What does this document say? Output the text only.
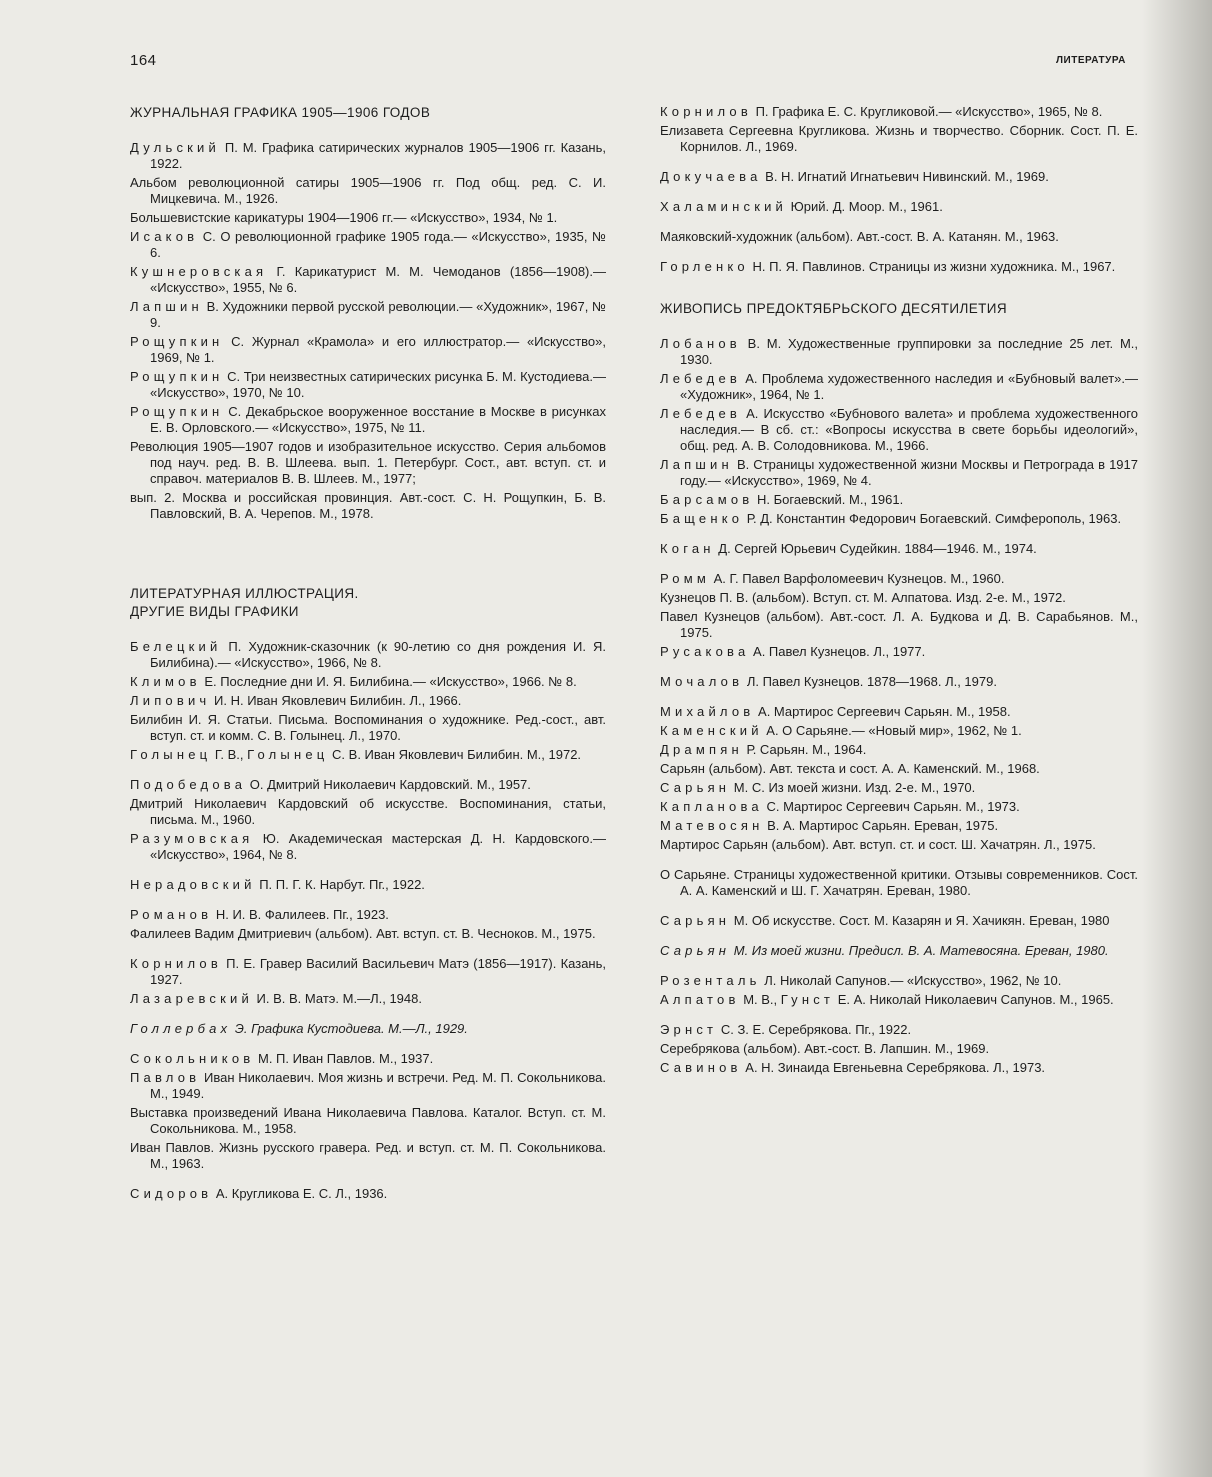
164	ЛИТЕРАТУРА
ЖУРНАЛЬНАЯ ГРАФИКА 1905—1906 ГОДОВ
Дульский П. М. Графика сатирических журналов 1905—1906 гг. Казань, 1922.
Альбом революционной сатиры 1905—1906 гг. Под общ. ред. С. И. Мицкевича. М., 1926.
Большевистские карикатуры 1904—1906 гг.— «Искусство», 1934, № 1.
Исаков С. О революционной графике 1905 года.— «Искусство», 1935, № 6.
Кушнеровская Г. Карикатурист М. М. Чемоданов (1856—1908).— «Искусство», 1955, № 6.
Лапшин В. Художники первой русской революции.— «Художник», 1967, № 9.
Рощупкин С. Журнал «Крамола» и его иллюстратор.— «Искусство», 1969, № 1.
Рощупкин С. Три неизвестных сатирических рисунка Б. М. Кустодиева.— «Искусство», 1970, № 10.
Рощупкин С. Декабрьское вооруженное восстание в Москве в рисунках Е. В. Орловского.— «Искусство», 1975, № 11.
Революция 1905—1907 годов и изобразительное искусство. Серия альбомов под науч. ред. В. В. Шлеева. вып. 1. Петербург. Сост., авт. вступ. ст. и справоч. материалов В. В. Шлеев. М., 1977;
вып. 2. Москва и российская провинция. Авт.-сост. С. Н. Рощупкин, Б. В. Павловский, В. А. Черепов. М., 1978.
ЛИТЕРАТУРНАЯ ИЛЛЮСТРАЦИЯ.
ДРУГИЕ ВИДЫ ГРАФИКИ
Белецкий П. Художник-сказочник (к 90-летию со дня рождения И. Я. Билибина).— «Искусство», 1966, № 8.
Климов Е. Последние дни И. Я. Билибина.— «Искусство», 1966. № 8.
Липович И. Н. Иван Яковлевич Билибин. Л., 1966.
Билибин И. Я. Статьи. Письма. Воспоминания о художнике. Ред.-сост., авт. вступ. ст. и комм. С. В. Голынец. Л., 1970.
Голынец Г. В., Голынец С. В. Иван Яковлевич Билибин. М., 1972.
Подобедова О. Дмитрий Николаевич Кардовский. М., 1957.
Дмитрий Николаевич Кардовский об искусстве. Воспоминания, статьи, письма. М., 1960.
Разумовская Ю. Академическая мастерская Д. Н. Кардовского.— «Искусство», 1964, № 8.
Нерадовский П. П. Г. К. Нарбут. Пг., 1922.
Романов Н. И. В. Фалилеев. Пг., 1923.
Фалилеев Вадим Дмитриевич (альбом). Авт. вступ. ст. В. Чесноков. М., 1975.
Корнилов П. Е. Гравер Василий Васильевич Матэ (1856—1917). Казань, 1927.
Лазаревский И. В. В. Матэ. М.—Л., 1948.
Голлербах Э. Графика Кустодиева. М.—Л., 1929.
Сокольников М. П. Иван Павлов. М., 1937.
Павлов Иван Николаевич. Моя жизнь и встречи. Ред. М. П. Сокольникова. М., 1949.
Выставка произведений Ивана Николаевича Павлова. Каталог. Вступ. ст. М. Сокольникова. М., 1958.
Иван Павлов. Жизнь русского гравера. Ред. и вступ. ст. М. П. Сокольникова. М., 1963.
Сидоров А. Кругликова Е. С. Л., 1936.
Корнилов П. Графика Е. С. Кругликовой.— «Искусство», 1965, № 8.
Елизавета Сергеевна Кругликова. Жизнь и творчество. Сборник. Сост. П. Е. Корнилов. Л., 1969.
Докучаева В. Н. Игнатий Игнатьевич Нивинский. М., 1969.
Халаминский Юрий. Д. Моор. М., 1961.
Маяковский-художник (альбом). Авт.-сост. В. А. Катанян. М., 1963.
Горленко Н. П. Я. Павлинов. Страницы из жизни художника. М., 1967.
ЖИВОПИСЬ ПРЕДОКТЯБРЬСКОГО ДЕСЯТИЛЕТИЯ
Лобанов В. М. Художественные группировки за последние 25 лет. М., 1930.
Лебедев А. Проблема художественного наследия и «Бубновый валет».— «Художник», 1964, № 1.
Лебедев А. Искусство «Бубнового валета» и проблема художественного наследия.— В сб. ст.: «Вопросы искусства в свете борьбы идеологий», общ. ред. А. В. Солодовникова. М., 1966.
Лапшин В. Страницы художественной жизни Москвы и Петрограда в 1917 году.— «Искусство», 1969, № 4.
Барсамов Н. Богаевский. М., 1961.
Бащенко Р. Д. Константин Федорович Богаевский. Симферополь, 1963.
Коган Д. Сергей Юрьевич Судейкин. 1884—1946. М., 1974.
Ромм А. Г. Павел Варфоломеевич Кузнецов. М., 1960.
Кузнецов П. В. (альбом). Вступ. ст. М. Алпатова. Изд. 2-е. М., 1972.
Павел Кузнецов (альбом). Авт.-сост. Л. А. Будкова и Д. В. Сарабьянов. М., 1975.
Русакова А. Павел Кузнецов. Л., 1977.
Мочалов Л. Павел Кузнецов. 1878—1968. Л., 1979.
Михайлов А. Мартирос Сергеевич Сарьян. М., 1958.
Каменский А. О Сарьяне.— «Новый мир», 1962, № 1.
Дрампян Р. Сарьян. М., 1964.
Сарьян (альбом). Авт. текста и сост. А. А. Каменский. М., 1968.
Сарьян М. С. Из моей жизни. Изд. 2-е. М., 1970.
Капланова С. Мартирос Сергеевич Сарьян. М., 1973.
Матевосян В. А. Мартирос Сарьян. Ереван, 1975.
Мартирос Сарьян (альбом). Авт. вступ. ст. и сост. Ш. Хачатрян. Л., 1975.
О Сарьяне. Страницы художественной критики. Отзывы современников. Сост. А. А. Каменский и Ш. Г. Хачатрян. Ереван, 1980.
Сарьян М. Об искусстве. Сост. М. Казарян и Я. Хачикян. Ереван, 1980
Сарьян М. Из моей жизни. Предисл. В. А. Матевосяна. Ереван, 1980.
Розенталь Л. Николай Сапунов.— «Искусство», 1962, № 10.
Алпатов М. В., Гунст Е. А. Николай Николаевич Сапунов. М., 1965.
Эрнст С. З. Е. Серебрякова. Пг., 1922.
Серебрякова (альбом). Авт.-сост. В. Лапшин. М., 1969.
Савинов А. Н. Зинаида Евгеньевна Серебрякова. Л., 1973.
